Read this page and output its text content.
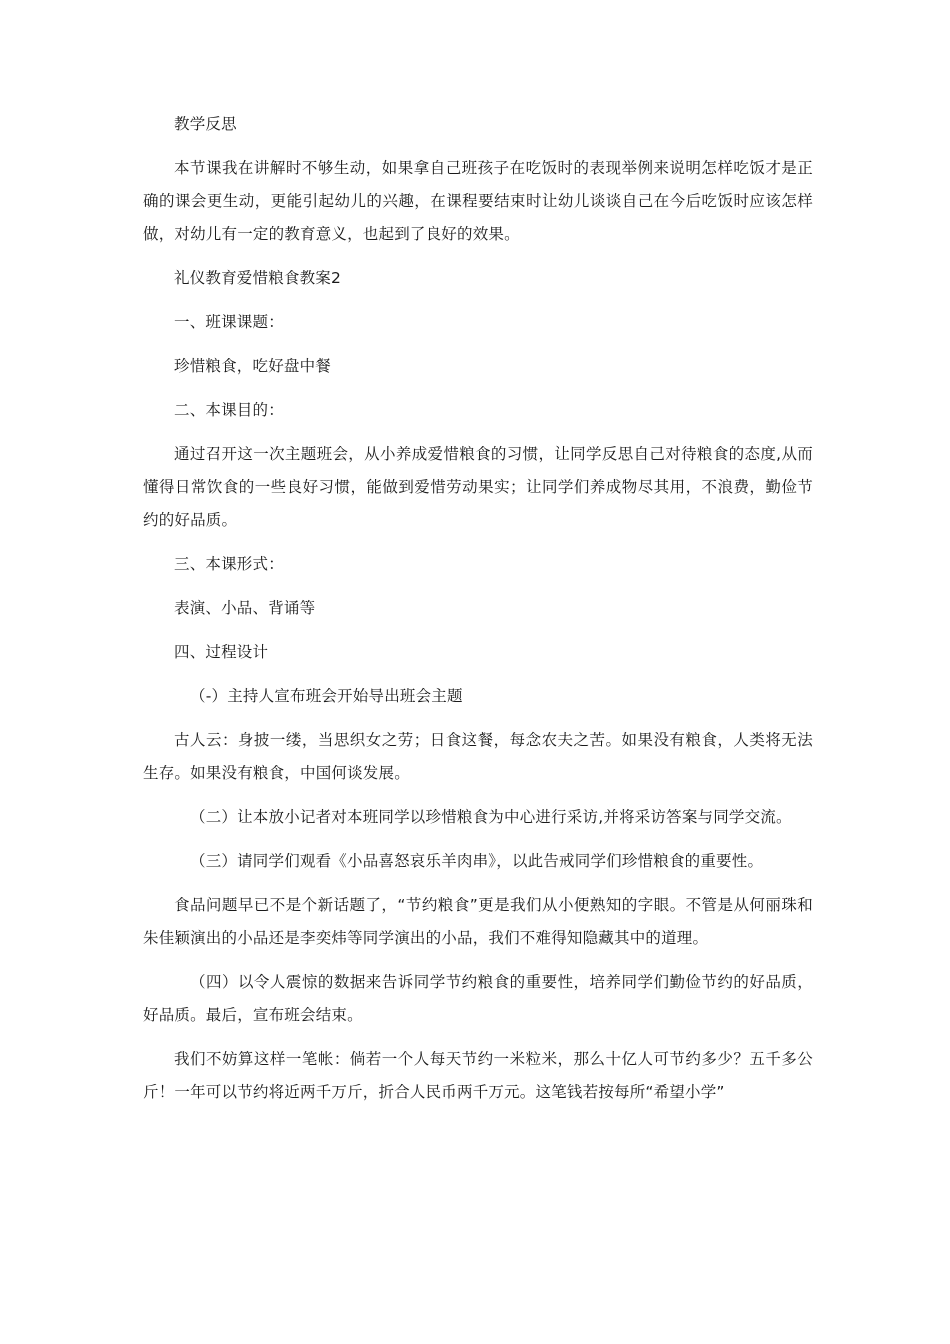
教学反思

本节课我在讲解时不够生动，如果拿自己班孩子在吃饭时的表现举例来说明怎样吃饭才是正确的课会更生动，更能引起幼儿的兴趣，在课程要结束时让幼儿谈谈自己在今后吃饭时应该怎样做，对幼儿有一定的教育意义，也起到了良好的效果。

礼仪教育爱惜粮食教案2

一、班课课题：

珍惜粮食，吃好盘中餐

二、本课目的：

通过召开这一次主题班会，从小养成爱惜粮食的习惯，让同学反思自己对待粮食的态度,从而懂得日常饮食的一些良好习惯，能做到爱惜劳动果实；让同学们养成物尽其用，不浪费，勤俭节约的好品质。

三、本课形式：

表演、小品、背诵等

四、过程设计

（-）主持人宣布班会开始导出班会主题

古人云：身披一缕，当思织女之劳；日食这餐，每念农夫之苦。如果没有粮食，人类将无法生存。如果没有粮食，中国何谈发展。

（二）让本放小记者对本班同学以珍惜粮食为中心进行采访,并将采访答案与同学交流。

（三）请同学们观看《小品喜怒哀乐羊肉串》，以此告戒同学们珍惜粮食的重要性。

食品问题早已不是个新话题了，“节约粮食”更是我们从小便熟知的字眼。不管是从何丽珠和朱佳颖演出的小品还是李奕炜等同学演出的小品，我们不难得知隐藏其中的道理。

（四）以令人震惊的数据来告诉同学节约粮食的重要性，培养同学们勤俭节约的好品质，好品质。最后，宣布班会结束。

我们不妨算这样一笔帐：倘若一个人每天节约一米粒米，那么十亿人可节约多少？五千多公斤！一年可以节约将近两千万斤，折合人民币两千万元。这笔钱若按每所“希望小学”
